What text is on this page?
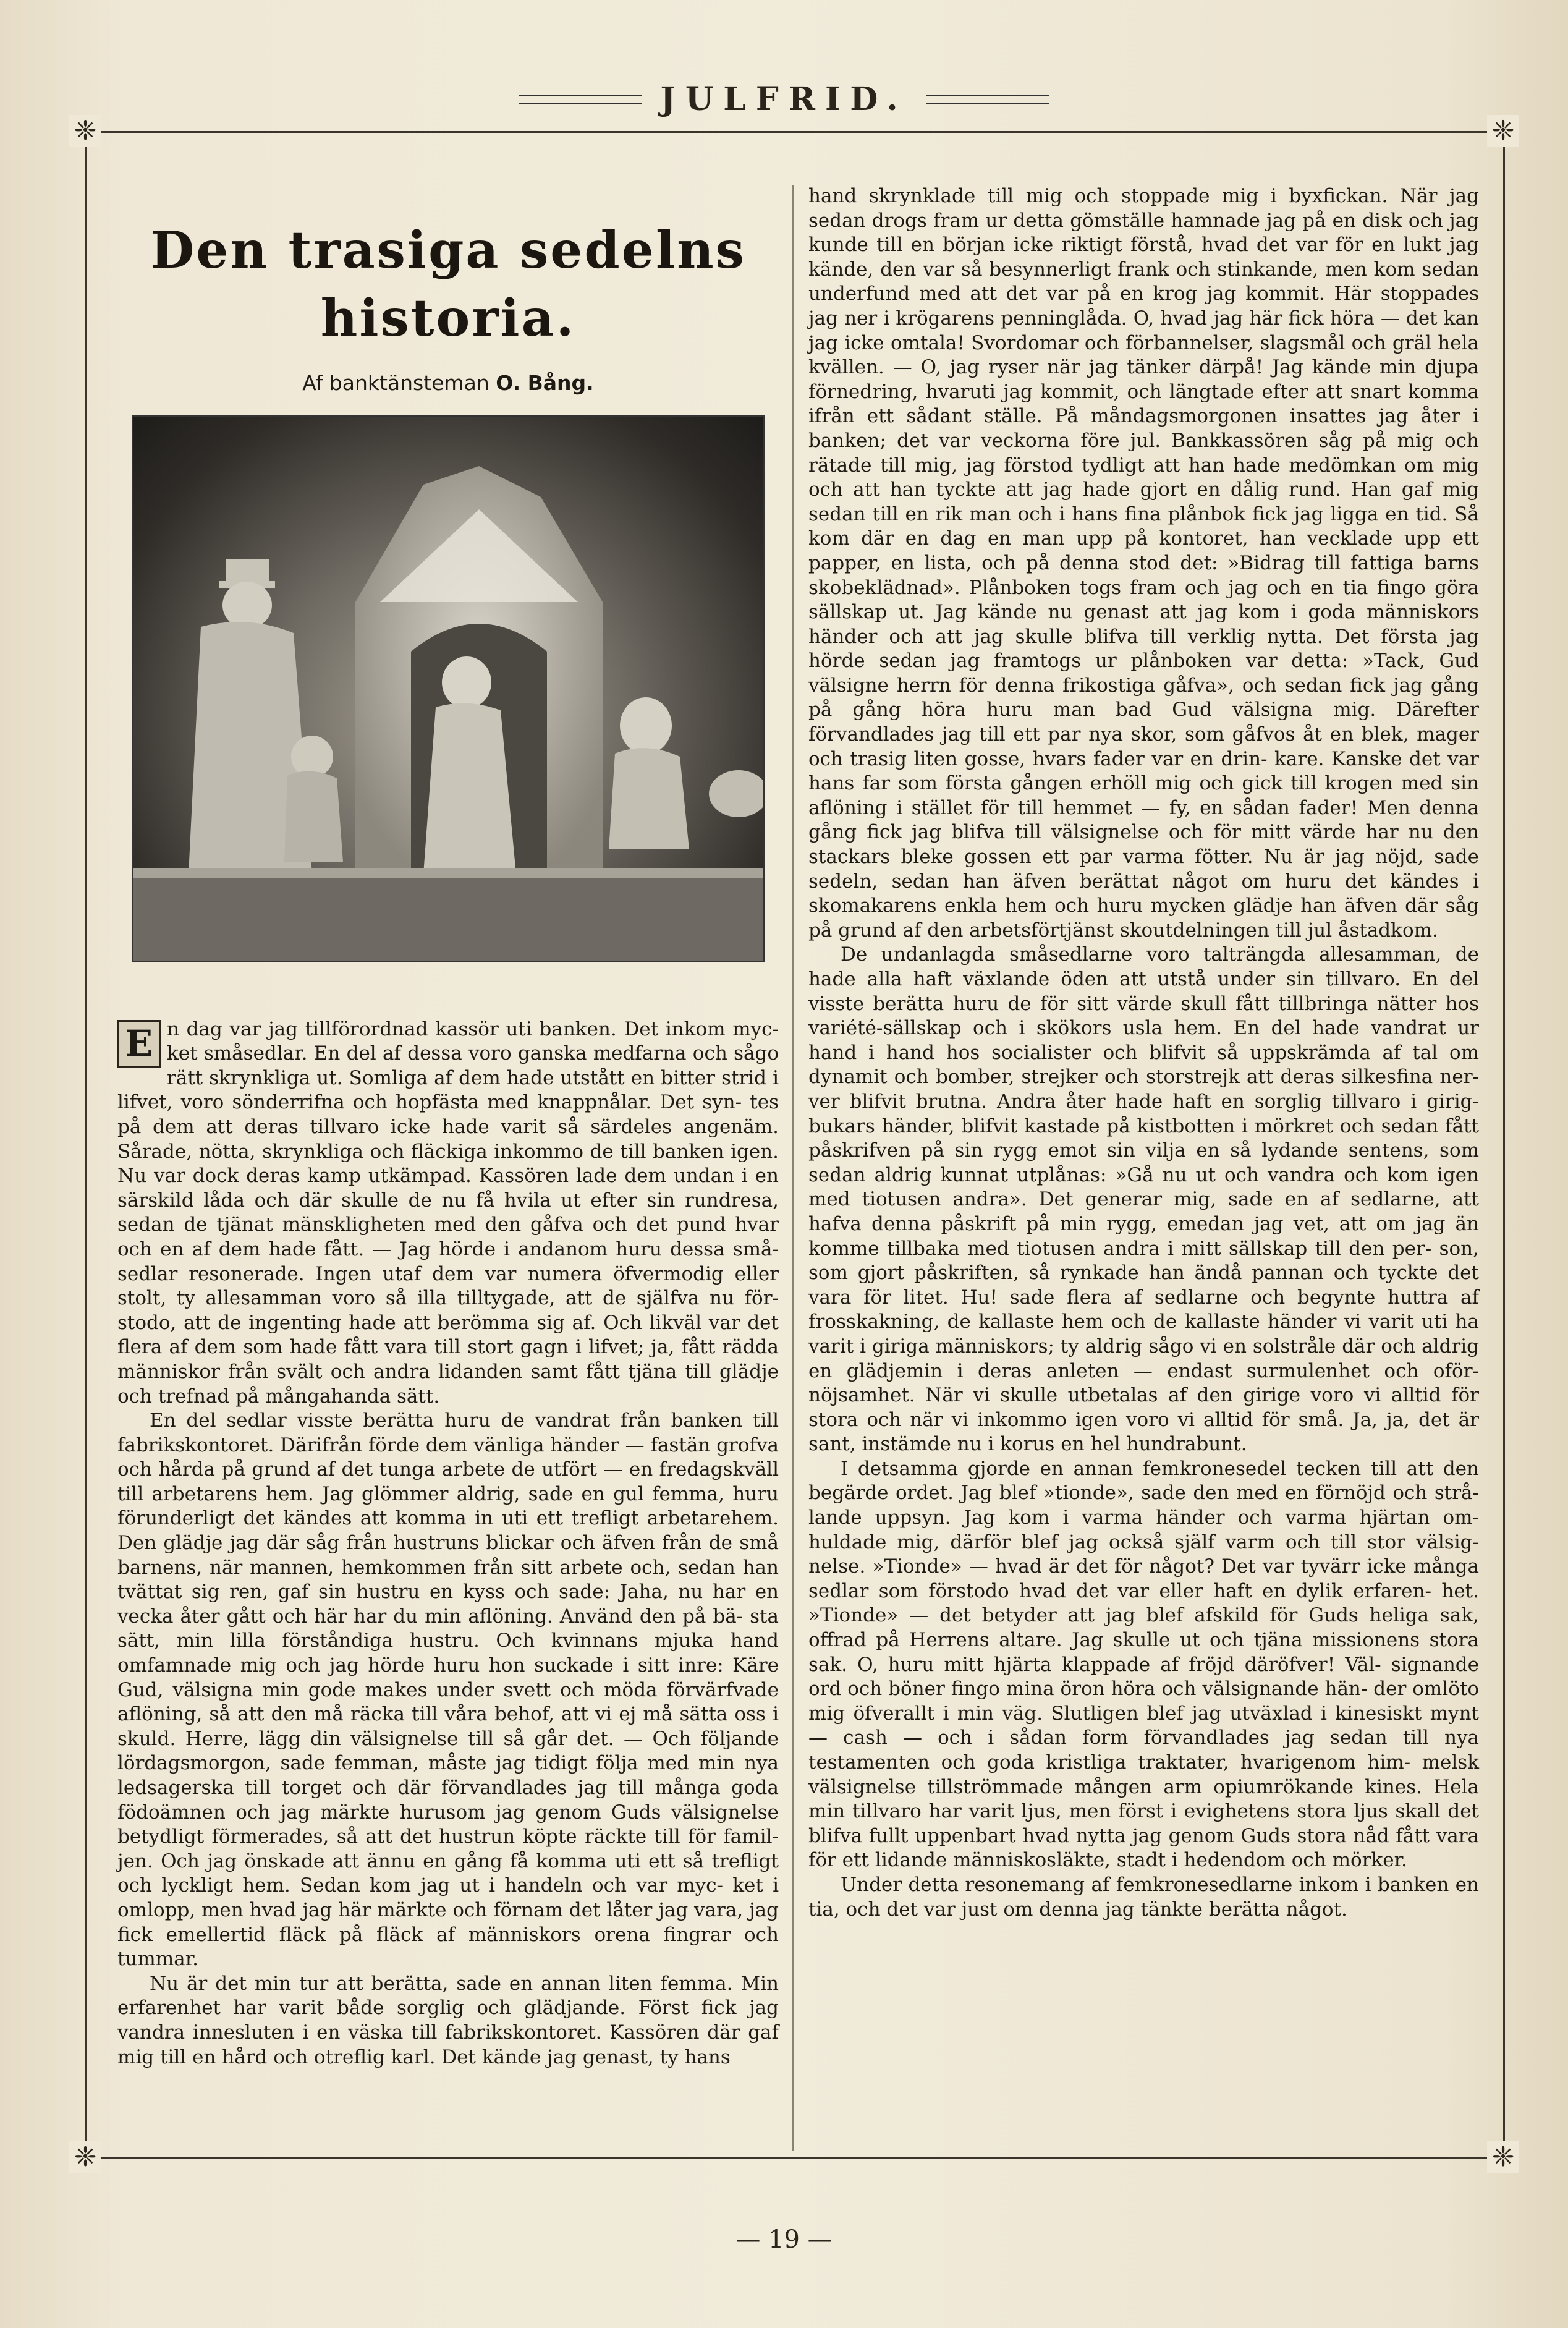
JULFRID.
❈	❈
❈	❈
Den trasiga sedelns historia.
Af banktänsteman O. Bång.

E n dag var jag tillförordnad kassör uti banken. Det inkom myc- ket småsedlar. En del af dessa voro ganska medfarna och sågo rätt skrynkliga ut. Somliga af dem hade utstått en bitter strid i lifvet, voro sönderrifna och hopfästa med knappnålar. Det syn- tes på dem att deras tillvaro icke hade varit så särdeles angenäm. Sårade, nötta, skrynkliga och fläckiga inkommo de till banken igen. Nu var dock deras kamp utkämpad. Kassören lade dem undan i en särskild låda och där skulle de nu få hvila ut efter sin rundresa, sedan de tjänat mänskligheten med den gåfva och det pund hvar och en af dem hade fått. — Jag hörde i andanom huru dessa små- sedlar resonerade. Ingen utaf dem var numera öfvermodig eller stolt, ty allesamman voro så illa tilltygade, att de själfva nu för- stodo, att de ingenting hade att berömma sig af. Och likväl var det flera af dem som hade fått vara till stort gagn i lifvet; ja, fått rädda människor från svält och andra lidanden samt fått tjäna till glädje och trefnad på mångahanda sätt.

En del sedlar visste berätta huru de vandrat från banken till fabrikskontoret. Därifrån förde dem vänliga händer — fastän grofva och hårda på grund af det tunga arbete de utfört — en fredagskväll till arbetarens hem. Jag glömmer aldrig, sade en gul femma, huru förunderligt det kändes att komma in uti ett trefligt arbetarehem. Den glädje jag där såg från hustruns blickar och äfven från de små barnens, när mannen, hemkommen från sitt arbete och, sedan han tvättat sig ren, gaf sin hustru en kyss och sade: Jaha, nu har en vecka åter gått och här har du min aflöning. Använd den på bä- sta sätt, min lilla förståndiga hustru. Och kvinnans mjuka hand omfamnade mig och jag hörde huru hon suckade i sitt inre: Käre Gud, välsigna min gode makes under svett och möda förvärfvade aflöning, så att den må räcka till våra behof, att vi ej må sätta oss i skuld. Herre, lägg din välsignelse till så går det. — Och följande lördagsmorgon, sade femman, måste jag tidigt följa med min nya ledsagerska till torget och där förvandlades jag till många goda födoämnen och jag märkte hurusom jag genom Guds välsignelse betydligt förmerades, så att det hustrun köpte räckte till för famil- jen. Och jag önskade att ännu en gång få komma uti ett så trefligt och lyckligt hem. Sedan kom jag ut i handeln och var myc- ket i omlopp, men hvad jag här märkte och förnam det låter jag vara, jag fick emellertid fläck på fläck af människors orena fingrar och tummar.

Nu är det min tur att berätta, sade en annan liten femma. Min erfarenhet har varit både sorglig och glädjande. Först fick jag vandra innesluten i en väska till fabrikskontoret. Kassören där gaf mig till en hård och otreflig karl. Det kände jag genast, ty hans

hand skrynklade till mig och stoppade mig i byxfickan. När jag sedan drogs fram ur detta gömställe hamnade jag på en disk och jag kunde till en början icke riktigt förstå, hvad det var för en lukt jag kände, den var så besynnerligt frank och stinkande, men kom sedan underfund med att det var på en krog jag kommit. Här stoppades jag ner i krögarens penninglåda. O, hvad jag här fick höra — det kan jag icke omtala! Svordomar och förbannelser, slagsmål och gräl hela kvällen. — O, jag ryser när jag tänker därpå! Jag kände min djupa förnedring, hvaruti jag kommit, och längtade efter att snart komma ifrån ett sådant ställe. På måndagsmorgonen insattes jag åter i banken; det var veckorna före jul. Bankkassören såg på mig och rätade till mig, jag förstod tydligt att han hade medömkan om mig och att han tyckte att jag hade gjort en dålig rund. Han gaf mig sedan till en rik man och i hans fina plånbok fick jag ligga en tid. Så kom där en dag en man upp på kontoret, han vecklade upp ett papper, en lista, och på denna stod det: »Bidrag till fattiga barns skobeklädnad». Plånboken togs fram och jag och en tia fingo göra sällskap ut. Jag kände nu genast att jag kom i goda människors händer och att jag skulle blifva till verklig nytta. Det första jag hörde sedan jag framtogs ur plånboken var detta: »Tack, Gud välsigne herrn för denna frikostiga gåfva», och sedan fick jag gång på gång höra huru man bad Gud välsigna mig. Därefter förvandlades jag till ett par nya skor, som gåfvos åt en blek, mager och trasig liten gosse, hvars fader var en drin- kare. Kanske det var hans far som första gången erhöll mig och gick till krogen med sin aflöning i stället för till hemmet — fy, en sådan fader! Men denna gång fick jag blifva till välsignelse och för mitt värde har nu den stackars bleke gossen ett par varma fötter. Nu är jag nöjd, sade sedeln, sedan han äfven berättat något om huru det kändes i skomakarens enkla hem och huru mycken glädje han äfven där såg på grund af den arbetsförtjänst skoutdelningen till jul åstadkom.

De undanlagda småsedlarne voro talträngda allesamman, de hade alla haft växlande öden att utstå under sin tillvaro. En del visste berätta huru de för sitt värde skull fått tillbringa nätter hos variété-sällskap och i skökors usla hem. En del hade vandrat ur hand i hand hos socialister och blifvit så uppskrämda af tal om dynamit och bomber, strejker och storstrejk att deras silkesfina ner- ver blifvit brutna. Andra åter hade haft en sorglig tillvaro i girig- bukars händer, blifvit kastade på kistbotten i mörkret och sedan fått påskrifven på sin rygg emot sin vilja en så lydande sentens, som sedan aldrig kunnat utplånas: »Gå nu ut och vandra och kom igen med tiotusen andra». Det generar mig, sade en af sedlarne, att hafva denna påskrift på min rygg, emedan jag vet, att om jag än komme tillbaka med tiotusen andra i mitt sällskap till den per- son, som gjort påskriften, så rynkade han ändå pannan och tyckte det vara för litet. Hu! sade flera af sedlarne och begynte huttra af frosskakning, de kallaste hem och de kallaste händer vi varit uti ha varit i giriga människors; ty aldrig sågo vi en solstråle där och aldrig en glädjemin i deras anleten — endast surmulenhet och oför- nöjsamhet. När vi skulle utbetalas af den girige voro vi alltid för stora och när vi inkommo igen voro vi alltid för små. Ja, ja, det är sant, instämde nu i korus en hel hundrabunt.

I detsamma gjorde en annan femkronesedel tecken till att den begärde ordet. Jag blef »tionde», sade den med en förnöjd och strå- lande uppsyn. Jag kom i varma händer och varma hjärtan om- huldade mig, därför blef jag också själf varm och till stor välsig- nelse. »Tionde» — hvad är det för något? Det var tyvärr icke många sedlar som förstodo hvad det var eller haft en dylik erfaren- het. »Tionde» — det betyder att jag blef afskild för Guds heliga sak, offrad på Herrens altare. Jag skulle ut och tjäna missionens stora sak. O, huru mitt hjärta klappade af fröjd däröfver! Väl- signande ord och böner fingo mina öron höra och välsignande hän- der omlöto mig öfverallt i min väg. Slutligen blef jag utväxlad i kinesiskt mynt — cash — och i sådan form förvandlades jag sedan till nya testamenten och goda kristliga traktater, hvarigenom him- melsk välsignelse tillströmmade mången arm opiumrökande kines. Hela min tillvaro har varit ljus, men först i evighetens stora ljus skall det blifva fullt uppenbart hvad nytta jag genom Guds stora nåd fått vara för ett lidande människosläkte, stadt i hedendom och mörker.

Under detta resonemang af femkronesedlarne inkom i banken en tia, och det var just om denna jag tänkte berätta något.

— 19 —
